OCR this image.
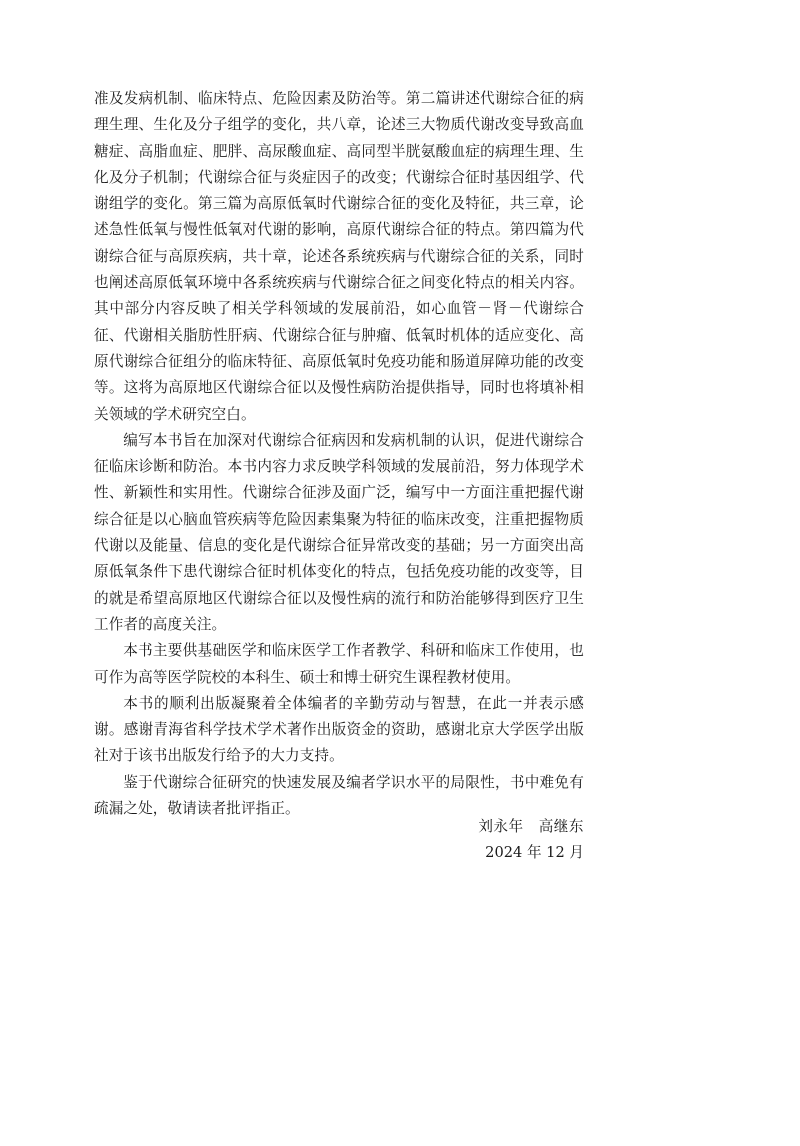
准及发病机制、临床特点、危险因素及防治等。第二篇讲述代谢综合征的病理生理、生化及分子组学的变化，共八章，论述三大物质代谢改变导致高血糖症、高脂血症、肥胖、高尿酸血症、高同型半胱氨酸血症的病理生理、生化及分子机制；代谢综合征与炎症因子的改变；代谢综合征时基因组学、代谢组学的变化。第三篇为高原低氧时代谢综合征的变化及特征，共三章，论述急性低氧与慢性低氧对代谢的影响，高原代谢综合征的特点。第四篇为代谢综合征与高原疾病，共十章，论述各系统疾病与代谢综合征的关系，同时也阐述高原低氧环境中各系统疾病与代谢综合征之间变化特点的相关内容。其中部分内容反映了相关学科领域的发展前沿，如心血管－肾－代谢综合征、代谢相关脂肪性肝病、代谢综合征与肿瘤、低氧时机体的适应变化、高原代谢综合征组分的临床特征、高原低氧时免疫功能和肠道屏障功能的改变等。这将为高原地区代谢综合征以及慢性病防治提供指导，同时也将填补相关领域的学术研究空白。

编写本书旨在加深对代谢综合征病因和发病机制的认识，促进代谢综合征临床诊断和防治。本书内容力求反映学科领域的发展前沿，努力体现学术性、新颖性和实用性。代谢综合征涉及面广泛，编写中一方面注重把握代谢综合征是以心脑血管疾病等危险因素集聚为特征的临床改变，注重把握物质代谢以及能量、信息的变化是代谢综合征异常改变的基础；另一方面突出高原低氧条件下患代谢综合征时机体变化的特点，包括免疫功能的改变等，目的就是希望高原地区代谢综合征以及慢性病的流行和防治能够得到医疗卫生工作者的高度关注。

本书主要供基础医学和临床医学工作者教学、科研和临床工作使用，也可作为高等医学院校的本科生、硕士和博士研究生课程教材使用。

本书的顺利出版凝聚着全体编者的辛勤劳动与智慧，在此一并表示感谢。感谢青海省科学技术学术著作出版资金的资助，感谢北京大学医学出版社对于该书出版发行给予的大力支持。

鉴于代谢综合征研究的快速发展及编者学识水平的局限性，书中难免有疏漏之处，敬请读者批评指正。

刘永年　高继东
2024 年 12 月
